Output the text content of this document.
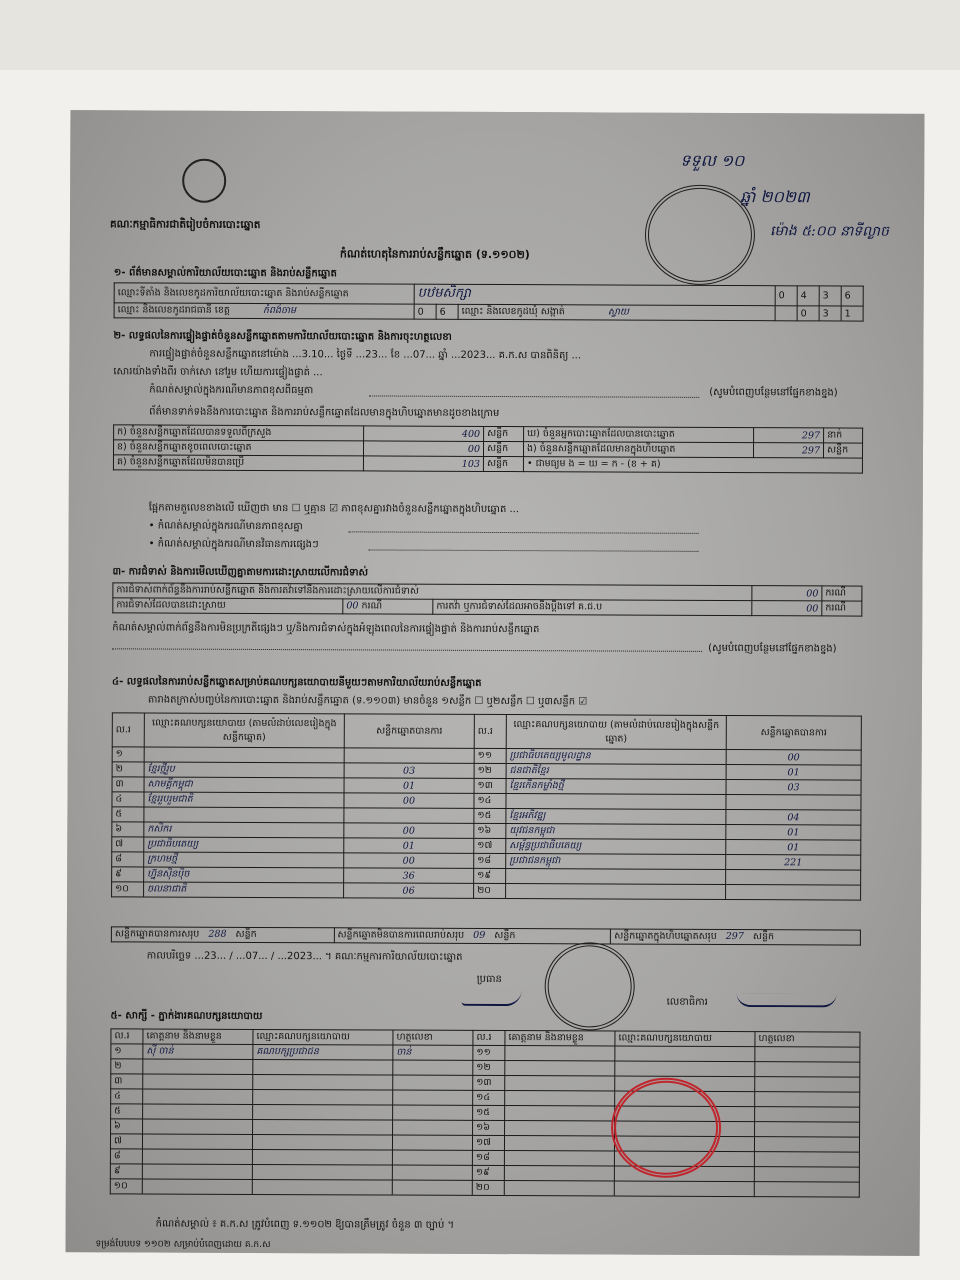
គណៈកម្មាធិការជាតិរៀបចំការបោះឆ្នោត
កំណត់ហេតុនៃការរាប់សន្លឹកឆ្នោត (ទ.១១០២)
ទទួល ១០
ឆ្នាំ ២០២៣
ម៉ោង ៥:០០ នាទីល្ងាច
១- ព័ត៌មានសម្គាល់ការិយាល័យបោះឆ្នោត និងរាប់សន្លឹកឆ្នោត
ឈ្មោះទីតាំង និងលេខកូដការិយាល័យបោះឆ្នោត និងរាប់សន្លឹកឆ្នោត	បឋមសិក្សា			0	4	3	6
ឈ្មោះ និងលេខកូដរាជធានី ខេត្ត កំពង់ចាម	0	6	ឈ្មោះ និងលេខកូដឃុំ សង្កាត់ ស្វាយ		0	3	1
២- លទ្ធផលនៃការផ្ទៀងផ្ទាត់ចំនួនសន្លឹកឆ្នោតតាមការិយាល័យបោះឆ្នោត និងការចុះហត្ថលេខា
ការផ្ទៀងផ្ទាត់ចំនួនសន្លឹកឆ្នោតនៅម៉ោង ...3.10... ថ្ងៃទី ...23... ខែ ...07... ឆ្នាំ ...2023... គ.ក.ស បានពិនិត្យ ...
សោរយ៉ាងទាំងពីរ ចាក់សោ នៅរួម ហើយការផ្ទៀងផ្ទាត់ ...
កំណត់សម្គាល់ក្នុងករណីមានភាពខុសពីធម្មតា	(សូមបំពេញបន្ថែមនៅផ្នែកខាងខ្នង)
ព័ត៌មានទាក់ទងនឹងការបោះឆ្នោត និងការរាប់សន្លឹកឆ្នោតដែលមានក្នុងហិបឆ្នោតមានដូចខាងក្រោម
ក) ចំនួនសន្លឹកឆ្នោតដែលបានទទួលពីក្រសួង	400	សន្លឹក	ឃ) ចំនួនអ្នកបោះឆ្នោតដែលបានបោះឆ្នោត	297	នាក់
ខ) ចំនួនសន្លឹកឆ្នោតខូចពេលបោះឆ្នោត	00	សន្លឹក	ង) ចំនួនសន្លឹកឆ្នោតដែលមានក្នុងហិបឆ្នោត	297	សន្លឹក
គ) ចំនួនសន្លឹកឆ្នោតដែលមិនបានប្រើ	103	សន្លឹក	• ជាមធ្យម ង = ឃ = ក - (ខ + គ)		
ផ្អែកតាមតួលេខខាងលើ ឃើញថា មាន ☐ ឬគ្មាន ☑ ភាពខុសគ្នារវាងចំនួនសន្លឹកឆ្នោតក្នុងហិបឆ្នោត ...
• កំណត់សម្គាល់ក្នុងករណីមានភាពខុសគ្នា
• កំណត់សម្គាល់ក្នុងករណីមានវិធានការផ្សេងៗ
៣- ការជំទាស់ និងការមើលឃើញគ្នាតាមការដោះស្រាយលើការជំទាស់
ការជំទាស់ពាក់ព័ន្ធនឹងការរាប់សន្លឹកឆ្នោត និងការតវ៉ាទៅនឹងការដោះស្រាយលើការជំទាស់			00	ករណី
ការជំទាស់ដែលបានដោះស្រាយ	00 ករណី	ការតវ៉ា ឬការជំទាស់ដែលអាចនឹងប្ដឹងទៅ គ.ជ.ប	00	ករណី
កំណត់សម្គាល់ពាក់ព័ន្ធនឹងការមិនប្រក្រតីផ្សេងៗ ឬ/និងការជំទាស់ក្នុងអំឡុងពេលនៃការផ្ទៀងផ្ទាត់ និងការរាប់សន្លឹកឆ្នោត
(សូមបំពេញបន្ថែមនៅផ្នែកខាងខ្នង)
៤- លទ្ធផលនៃការរាប់សន្លឹកឆ្នោតសម្រាប់គណបក្សនយោបាយនីមួយៗតាមការិយាល័យរាប់សន្លឹកឆ្នោត
តារាងតក្រាស់បញ្ចប់នៃការបោះឆ្នោត និងរាប់សន្លឹកឆ្នោត (ទ.១១០៣) មានចំនួន ១សន្លឹក ☐ ឬ២សន្លឹក ☐ ឬ៣សន្លឹក ☑
ល.រ	ឈ្មោះគណបក្សនយោបាយ (តាមលំដាប់លេខរៀងក្នុងសន្លឹកឆ្នោត)	សន្លឹកឆ្នោតបានការ	ល.រ	ឈ្មោះគណបក្សនយោបាយ (តាមលំដាប់លេខរៀងក្នុងសន្លឹកឆ្នោត)	សន្លឹកឆ្នោតបានការ
១			១១	ប្រជាធិបតេយ្យមូលដ្ឋាន	00
២	ខ្មែរថ្មីរួប	03	១២	ជនជាតិខ្មែរ	01
៣	សាមគ្គីកម្ពុជា	01	១៣	ខ្មែរកើនកម្លាំងថ្មី	03
៤	ខ្មែររួបរួមជាតិ	00	១៤		
៥			១៥	ខ្មែរអភិវឌ្ឍ	04
៦	កសិករ	00	១៦	យុវជនកម្ពុជា	01
៧	ប្រជាធិបតេយ្យ	01	១៧	សម្ព័ន្ធប្រជាធិបតេយ្យ	01
៨	ក្រហមថ្មី	00	១៨	ប្រជាជនកម្ពុជា	221
៩	ហ្វ៊ុនស៊ិនប៉ិច	36	១៩		
១០	ចលនាជាតិ	06	២០		
សន្លឹកឆ្នោតបានការសរុប 288 សន្លឹក	សន្លឹកឆ្នោតមិនបានការពេលរាប់សរុប 09 សន្លឹក	សន្លឹកឆ្នោតក្នុងហិបឆ្នោតសរុប 297 សន្លឹក
កាលបរិច្ឆេទ ...23... / ...07... / ...2023... ។ គណៈកម្មការការិយាល័យបោះឆ្នោត
ប្រធាន
លេខាធិការ
៥- សាក្សី - ភ្នាក់ងារគណបក្សនយោបាយ
ល.រ	គោត្តនាម និងនាមខ្លួន	ឈ្មោះគណបក្សនយោបាយ	ហត្ថលេខា	ល.រ	គោត្តនាម និងនាមខ្លួន	ឈ្មោះគណបក្សនយោបាយ	ហត្ថលេខា
១	ស៊ី ចាន់	គណបក្សប្រជាជន	ចាន់	១១			
២				១២			
៣				១៣			
៤				១៤			
៥				១៥			
៦				១៦			
៧				១៧			
៨				១៨			
៩				១៩			
១០				២០			
កំណត់សម្គាល់ ៖ គ.ក.ស ត្រូវបំពេញ ទ.១១០២ ឱ្យបានត្រឹមត្រូវ ចំនួន ៣ ច្បាប់ ។
ទម្រង់បែបបទ ១១០២ សម្រាប់បំពេញដោយ គ.ក.ស
